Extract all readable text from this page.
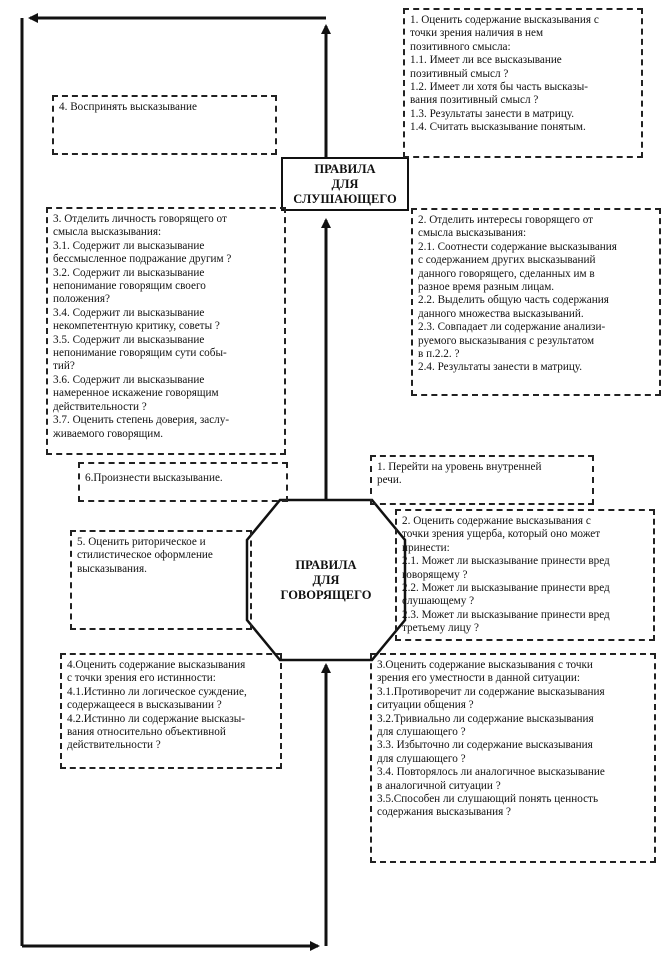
ПРАВИЛА
ДЛЯ
СЛУШАЮЩЕГО
ПРАВИЛА
ДЛЯ
ГОВОРЯЩЕГО
1. Оценить содержание высказывания с
точки зрения наличия в нем
позитивного смысла:
1.1. Имеет ли все высказывание
позитивный смысл ?
1.2. Имеет ли хотя бы часть высказы-
вания позитивный смысл ?
1.3. Результаты занести в матрицу.
1.4. Считать высказывание понятым.
4. Воспринять высказывание
3. Отделить личность говорящего от
смысла высказывания:
3.1. Содержит ли высказывание
бессмысленное подражание другим ?
3.2. Содержит ли высказывание
непонимание говорящим своего
положения?
3.4. Содержит ли высказывание
некомпетентную критику, советы ?
3.5. Содержит ли высказывание
непонимание говорящим сути собы-
тий?
3.6. Содержит ли высказывание
намеренное искажение говорящим
действительности ?
3.7. Оценить степень доверия, заслу-
живаемого говорящим.
2. Отделить интересы говорящего от
смысла высказывания:
2.1. Соотнести содержание высказывания
с содержанием других высказываний
данного говорящего, сделанных им в
разное время разным лицам.
2.2. Выделить общую часть содержания
данного множества высказываний.
2.3. Совпадает ли содержание анализи-
руемого высказывания с результатом
в п.2.2. ?
2.4. Результаты занести в матрицу.
6.Произнести высказывание.
1. Перейти на уровень внутренней
речи.
5. Оценить риторическое и
стилистическое оформление
высказывания.
2. Оценить содержание высказывания с
точки зрения ущерба, который оно может
принести:
2.1. Может ли высказывание принести вред
говорящему ?
2.2. Может ли высказывание принести вред
слушающему ?
2.3. Может ли высказывание принести вред
третьему лицу ?
4.Оценить содержание высказывания
с точки зрения его истинности:
4.1.Истинно ли логическое суждение,
содержащееся в высказывании ?
4.2.Истинно ли содержание высказы-
вания относительно объективной
действительности ?
3.Оценить содержание высказывания с точки
зрения его уместности в данной ситуации:
3.1.Противоречит ли содержание высказывания
ситуации общения ?
3.2.Тривиально ли содержание высказывания
для слушающего ?
3.3. Избыточно ли содержание высказывания
для слушающего ?
3.4. Повторялось ли аналогичное высказывание
в аналогичной ситуации ?
3.5.Способен ли слушающий понять ценность
содержания высказывания ?
